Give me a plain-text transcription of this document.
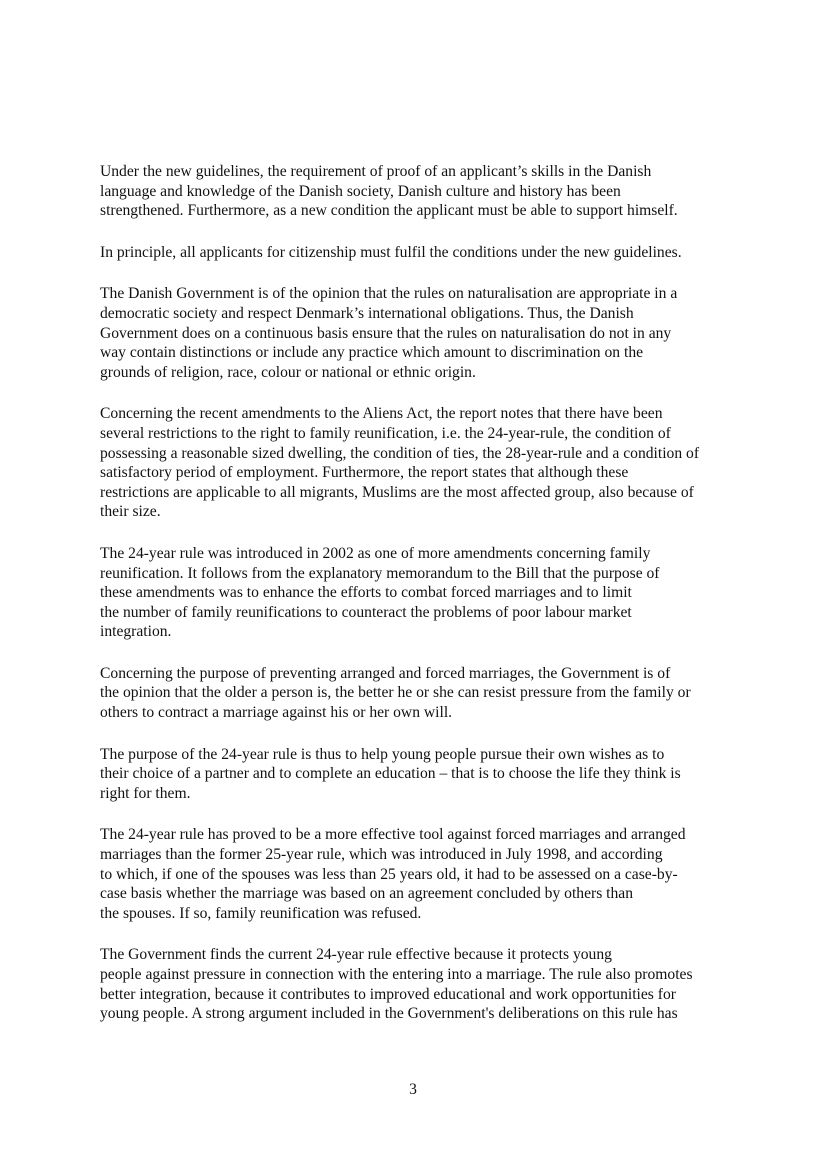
Under the new guidelines, the requirement of proof of an applicant’s skills in the Danish
language and knowledge of the Danish society, Danish culture and history has been
strengthened. Furthermore, as a new condition the applicant must be able to support himself.

In principle, all applicants for citizenship must fulfil the conditions under the new guidelines.

The Danish Government is of the opinion that the rules on naturalisation are appropriate in a
democratic society and respect Denmark’s international obligations. Thus, the Danish
Government does on a continuous basis ensure that the rules on naturalisation do not in any
way contain distinctions or include any practice which amount to discrimination on the
grounds of religion, race, colour or national or ethnic origin.

Concerning the recent amendments to the Aliens Act, the report notes that there have been
several restrictions to the right to family reunification, i.e. the 24-year-rule, the condition of
possessing a reasonable sized dwelling, the condition of ties, the 28-year-rule and a condition of
satisfactory period of employment. Furthermore, the report states that although these
restrictions are applicable to all migrants, Muslims are the most affected group, also because of
their size.

The 24-year rule was introduced in 2002 as one of more amendments concerning family
reunification. It follows from the explanatory memorandum to the Bill that the purpose of
these amendments was to enhance the efforts to combat forced marriages and to limit
the number of family reunifications to counteract the problems of poor labour market
integration.

Concerning the purpose of preventing arranged and forced marriages, the Government is of
the opinion that the older a person is, the better he or she can resist pressure from the family or
others to contract a marriage against his or her own will.

The purpose of the 24-year rule is thus to help young people pursue their own wishes as to
their choice of a partner and to complete an education – that is to choose the life they think is
right for them.

The 24-year rule has proved to be a more effective tool against forced marriages and arranged
marriages than the former 25-year rule, which was introduced in July 1998, and according
to which, if one of the spouses was less than 25 years old, it had to be assessed on a case-by-
case basis whether the marriage was based on an agreement concluded by others than
the spouses. If so, family reunification was refused.

The Government finds the current 24-year rule effective because it protects young
people against pressure in connection with the entering into a marriage. The rule also promotes
better integration, because it contributes to improved educational and work opportunities for
young people. A strong argument included in the Government's deliberations on this rule has

3
